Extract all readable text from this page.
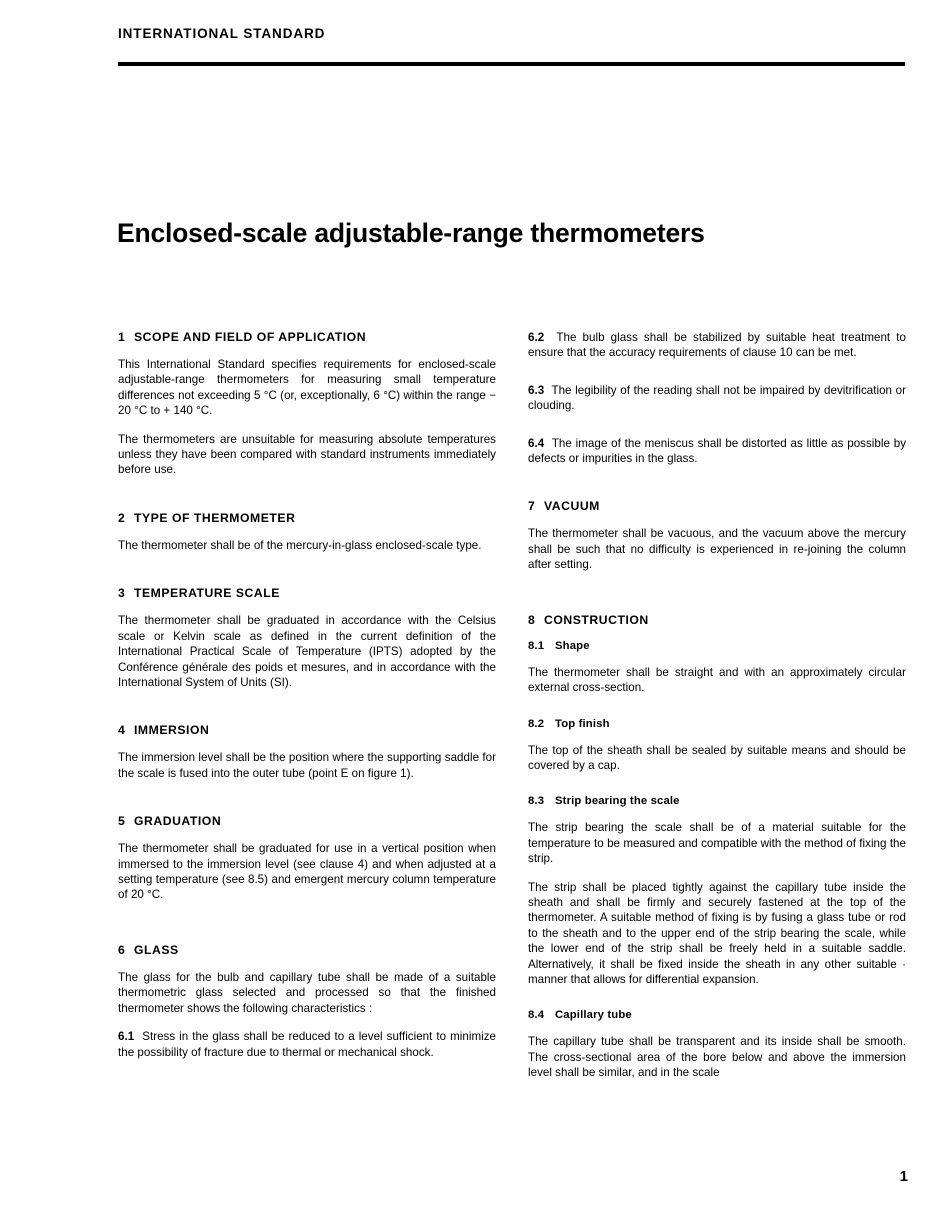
INTERNATIONAL STANDARD
Enclosed-scale adjustable-range thermometers
1 SCOPE AND FIELD OF APPLICATION

This International Standard specifies requirements for enclosed-scale adjustable-range thermometers for measuring small temperature differences not exceeding 5 °C (or, exceptionally, 6 °C) within the range − 20 °C to + 140 °C.

The thermometers are unsuitable for measuring absolute temperatures unless they have been compared with standard instruments immediately before use.

2 TYPE OF THERMOMETER

The thermometer shall be of the mercury-in-glass enclosed-scale type.

3 TEMPERATURE SCALE

The thermometer shall be graduated in accordance with the Celsius scale or Kelvin scale as defined in the current definition of the International Practical Scale of Temperature (IPTS) adopted by the Conférence générale des poids et mesures, and in accordance with the International System of Units (SI).

4 IMMERSION

The immersion level shall be the position where the supporting saddle for the scale is fused into the outer tube (point E on figure 1).

5 GRADUATION

The thermometer shall be graduated for use in a vertical position when immersed to the immersion level (see clause 4) and when adjusted at a setting temperature (see 8.5) and emergent mercury column temperature of 20 °C.

6 GLASS

The glass for the bulb and capillary tube shall be made of a suitable thermometric glass selected and processed so that the finished thermometer shows the following characteristics :

6.1 Stress in the glass shall be reduced to a level sufficient to minimize the possibility of fracture due to thermal or mechanical shock.

6.2 The bulb glass shall be stabilized by suitable heat treatment to ensure that the accuracy requirements of clause 10 can be met.

6.3 The legibility of the reading shall not be impaired by devitrification or clouding.

6.4 The image of the meniscus shall be distorted as little as possible by defects or impurities in the glass.

7 VACUUM

The thermometer shall be vacuous, and the vacuum above the mercury shall be such that no difficulty is experienced in re-joining the column after setting.

8 CONSTRUCTION
8.1 Shape

The thermometer shall be straight and with an approximately circular external cross-section.

8.2 Top finish

The top of the sheath shall be sealed by suitable means and should be covered by a cap.

8.3 Strip bearing the scale

The strip bearing the scale shall be of a material suitable for the temperature to be measured and compatible with the method of fixing the strip.

The strip shall be placed tightly against the capillary tube inside the sheath and shall be firmly and securely fastened at the top of the thermometer. A suitable method of fixing is by fusing a glass tube or rod to the sheath and to the upper end of the strip bearing the scale, while the lower end of the strip shall be freely held in a suitable saddle. Alternatively, it shall be fixed inside the sheath in any other suitable · manner that allows for differential expansion.

8.4 Capillary tube

The capillary tube shall be transparent and its inside shall be smooth. The cross-sectional area of the bore below and above the immersion level shall be similar, and in the scale

1
